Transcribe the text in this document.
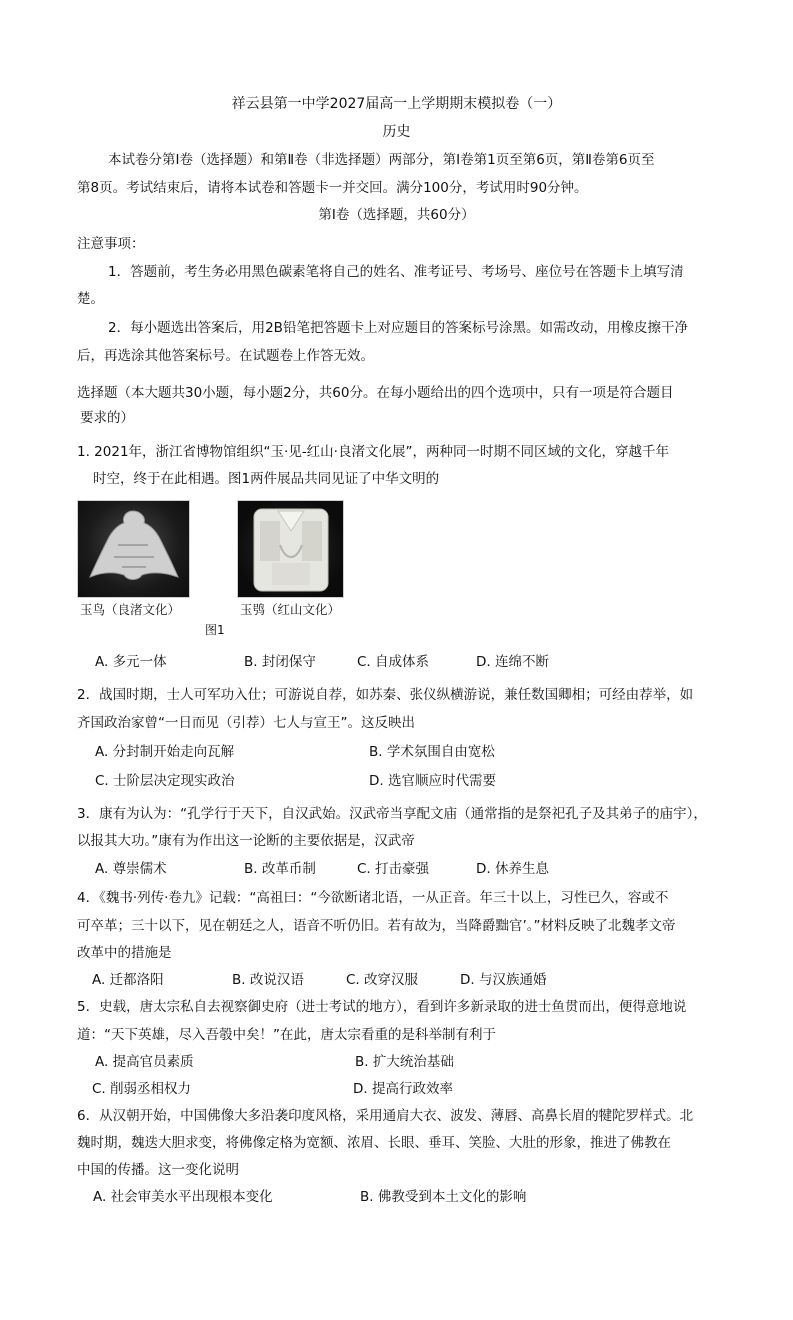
祥云县第一中学2027届高一上学期期末模拟卷（一）
历史
本试卷分第Ⅰ卷（选择题）和第Ⅱ卷（非选择题）两部分，第Ⅰ卷第1页至第6页，第Ⅱ卷第6页至
第8页。考试结束后，请将本试卷和答题卡一并交回。满分100分，考试用时90分钟。
第Ⅰ卷（选择题，共60分）
注意事项：
1．答题前，考生务必用黑色碳素笔将自己的姓名、准考证号、考场号、座位号在答题卡上填写清
楚。
2．每小题选出答案后，用2B铅笔把答题卡上对应题目的答案标号涂黑。如需改动，用橡皮擦干净
后，再选涂其他答案标号。在试题卷上作答无效。
选择题（本大题共30小题，每小题2分，共60分。在每小题给出的四个选项中，只有一项是符合题目
要求的）
1. 2021年，浙江省博物馆组织“玉·见-红山·良渚文化展”，两种同一时期不同区域的文化，穿越千年
时空，终于在此相遇。图1两件展品共同见证了中华文明的
玉鸟（良渚文化）	玉鸮（红山文化）
图1
A. 多元一体	B. 封闭保守	C. 自成体系	D. 连绵不断
2．战国时期，士人可军功入仕；可游说自荐，如苏秦、张仪纵横游说，兼任数国卿相；可经由荐举，如
齐国政治家曾“一日而见（引荐）七人与宣王”。这反映出
A. 分封制开始走向瓦解	B. 学术氛围自由宽松
C. 士阶层决定现实政治	D. 选官顺应时代需要
3．康有为认为：“孔学行于天下，自汉武始。汉武帝当享配文庙（通常指的是祭祀孔子及其弟子的庙宇），
以报其大功。”康有为作出这一论断的主要依据是，汉武帝
A. 尊崇儒术	B. 改革币制	C. 打击豪强	D. 休养生息
4．《魏书·列传·卷九》记载：“高祖曰：“今欲断诸北语，一从正音。年三十以上，习性已久，容或不
可卒革；三十以下，见在朝廷之人，语音不听仍旧。若有故为，当降爵黜官’。”材料反映了北魏孝文帝
改革中的措施是
A. 迁都洛阳	B. 改说汉语	C. 改穿汉服	D. 与汉族通婚
5．史载，唐太宗私自去视察御史府（进士考试的地方），看到许多新录取的进士鱼贯而出，便得意地说
道：“天下英雄，尽入吾彀中矣！”在此，唐太宗看重的是科举制有利于
A. 提高官员素质	B. 扩大统治基础
C. 削弱丞相权力	D. 提高行政效率
6．从汉朝开始，中国佛像大多沿袭印度风格，采用通肩大衣、波发、薄唇、高鼻长眉的犍陀罗样式。北
魏时期，魏迭大胆求变，将佛像定格为宽额、浓眉、长眼、垂耳、笑脸、大肚的形象，推进了佛教在
中国的传播。这一变化说明
A. 社会审美水平出现根本变化	B. 佛教受到本土文化的影响
